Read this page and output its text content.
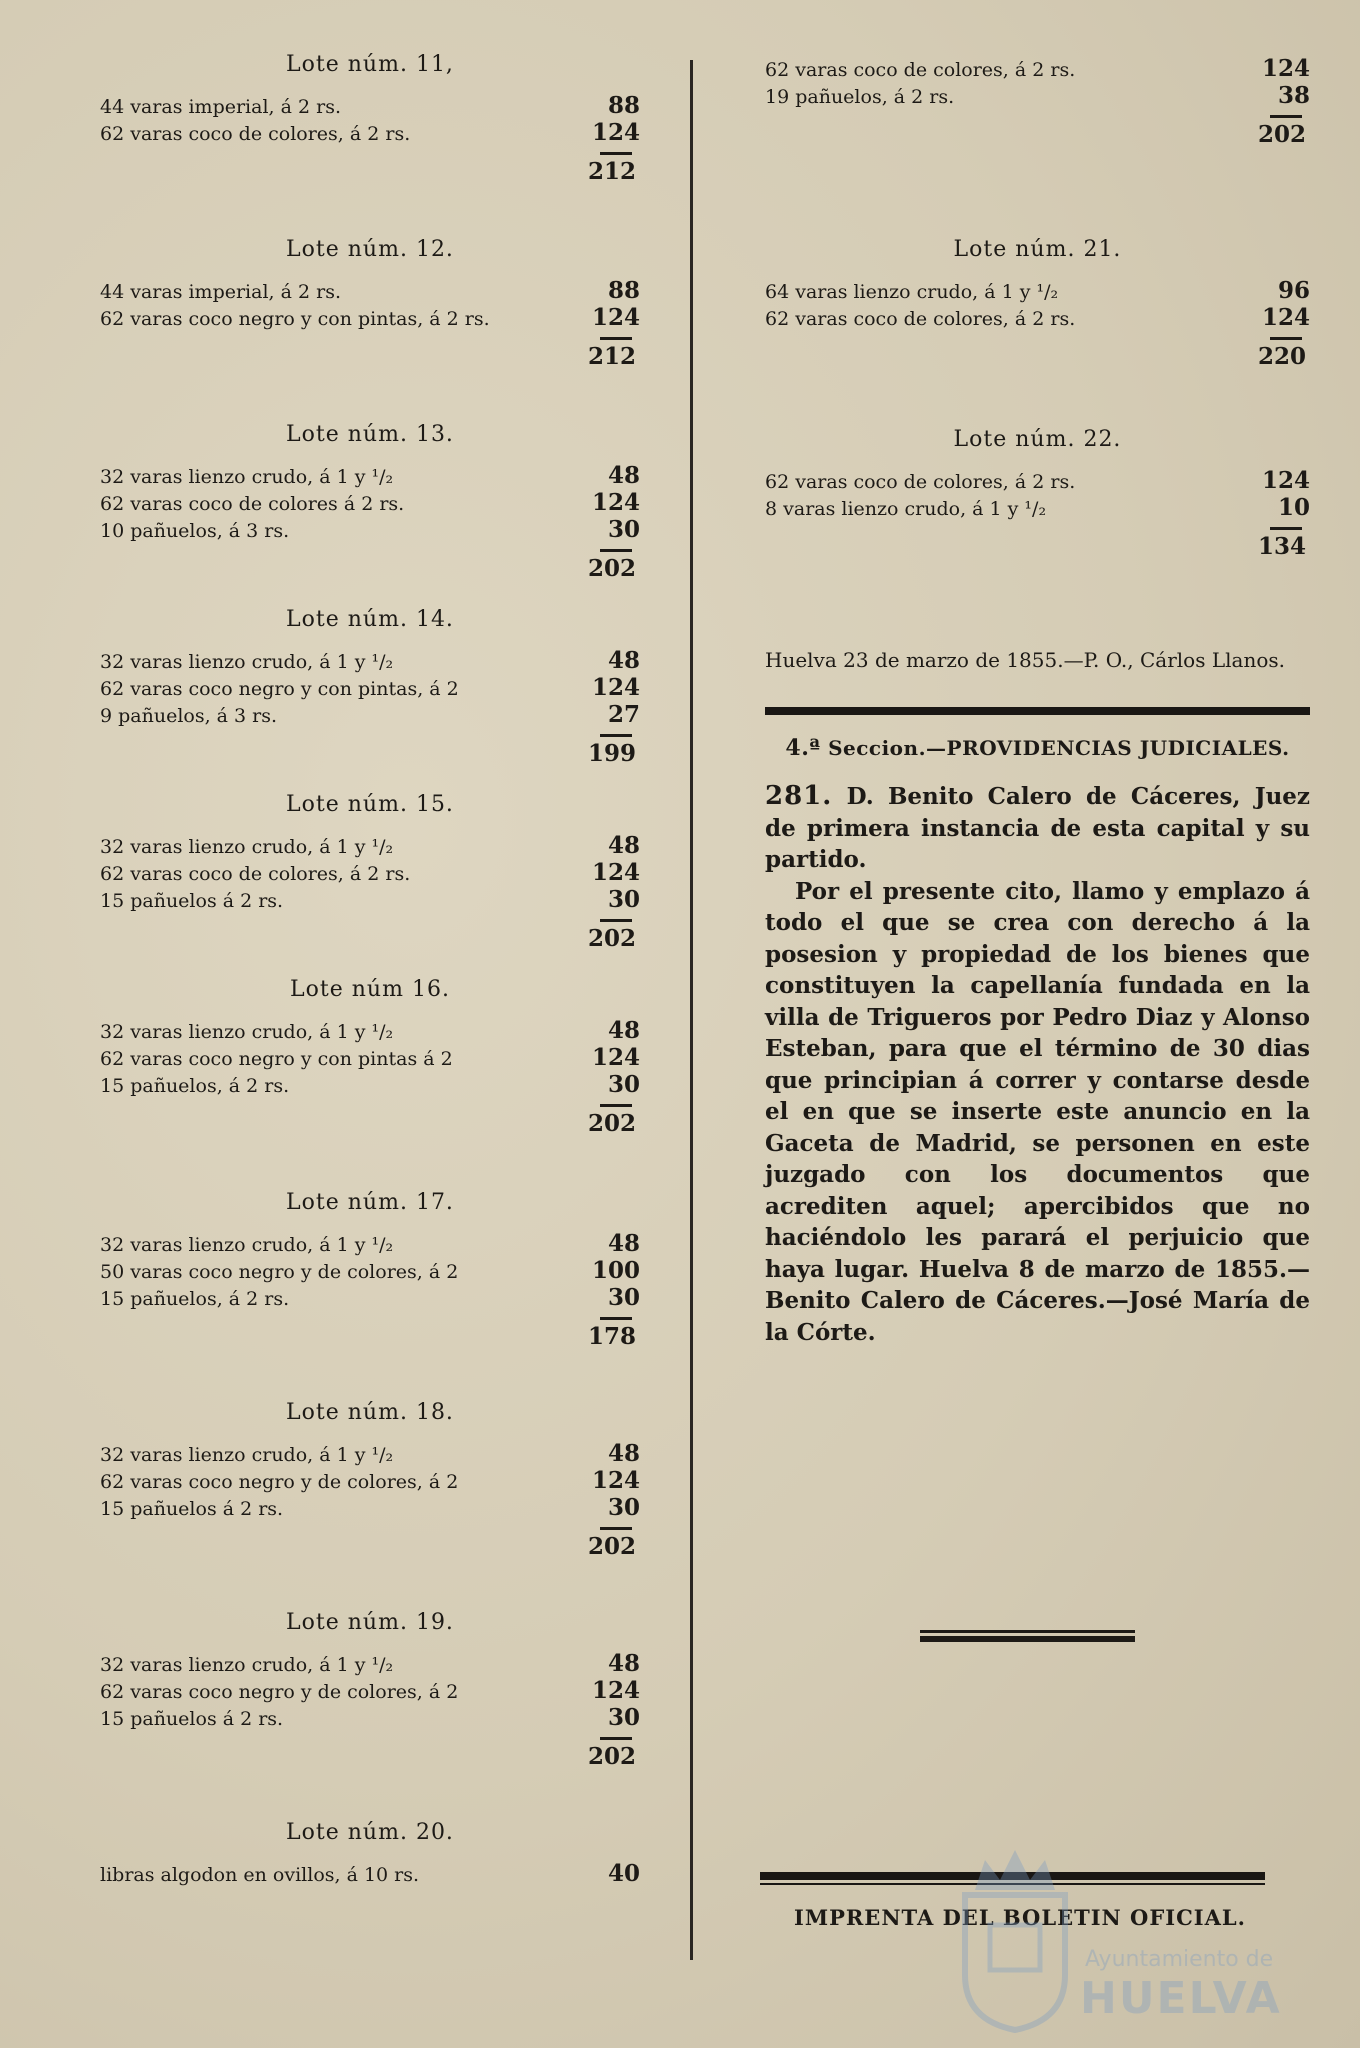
Lote núm. 11,
44 varas imperial, á 2 rs.	88
62 varas coco de colores, á 2 rs.	124
212
Lote núm. 12.
44 varas imperial, á 2 rs.	88
62 varas coco negro y con pintas, á 2 rs.	124
212
Lote núm. 13.
32 varas lienzo crudo, á 1 y ¹/₂	48
62 varas coco de colores á 2 rs.	124
10 pañuelos, á 3 rs.	30
202
Lote núm. 14.
32 varas lienzo crudo, á 1 y ¹/₂	48
62 varas coco negro y con pintas, á 2	124
9 pañuelos, á 3 rs.	27
199
Lote núm. 15.
32 varas lienzo crudo, á 1 y ¹/₂	48
62 varas coco de colores, á 2 rs.	124
15 pañuelos á 2 rs.	30
202
Lote núm 16.
32 varas lienzo crudo, á 1 y ¹/₂	48
62 varas coco negro y con pintas á 2	124
15 pañuelos, á 2 rs.	30
202
Lote núm. 17.
32 varas lienzo crudo, á 1 y ¹/₂	48
50 varas coco negro y de colores, á 2	100
15 pañuelos, á 2 rs.	30
178
Lote núm. 18.
32 varas lienzo crudo, á 1 y ¹/₂	48
62 varas coco negro y de colores, á 2	124
15 pañuelos á 2 rs.	30
202
Lote núm. 19.
32 varas lienzo crudo, á 1 y ¹/₂	48
62 varas coco negro y de colores, á 2	124
15 pañuelos á 2 rs.	30
202
Lote núm. 20.
libras algodon en ovillos, á 10 rs.	40
62 varas coco de colores, á 2 rs.	124
19 pañuelos, á 2 rs.	38
202
Lote núm. 21.
64 varas lienzo crudo, á 1 y ¹/₂	96
62 varas coco de colores, á 2 rs.	124
220
Lote núm. 22.
62 varas coco de colores, á 2 rs.	124
8 varas lienzo crudo, á 1 y ¹/₂	10
134
Huelva 23 de marzo de 1855.—P. O., Cárlos Llanos.
4.ª Seccion.—PROVIDENCIAS JUDICIALES.

281. D. Benito Calero de Cáceres, Juez de primera instancia de esta capital y su partido.

Por el presente cito, llamo y emplazo á todo el que se crea con derecho á la posesion y propiedad de los bienes que constituyen la capellanía fundada en la villa de Trigueros por Pedro Diaz y Alonso Esteban, para que el término de 30 dias que principian á correr y contarse desde el en que se inserte este anuncio en la Gaceta de Madrid, se personen en este juzgado con los documentos que acrediten aquel; apercibidos que no haciéndolo les parará el perjuicio que haya lugar. Huelva 8 de marzo de 1855.—Benito Calero de Cáceres.—José María de la Córte.

IMPRENTA DEL BOLETIN OFICIAL.
Ayuntamiento de
HUELVA
